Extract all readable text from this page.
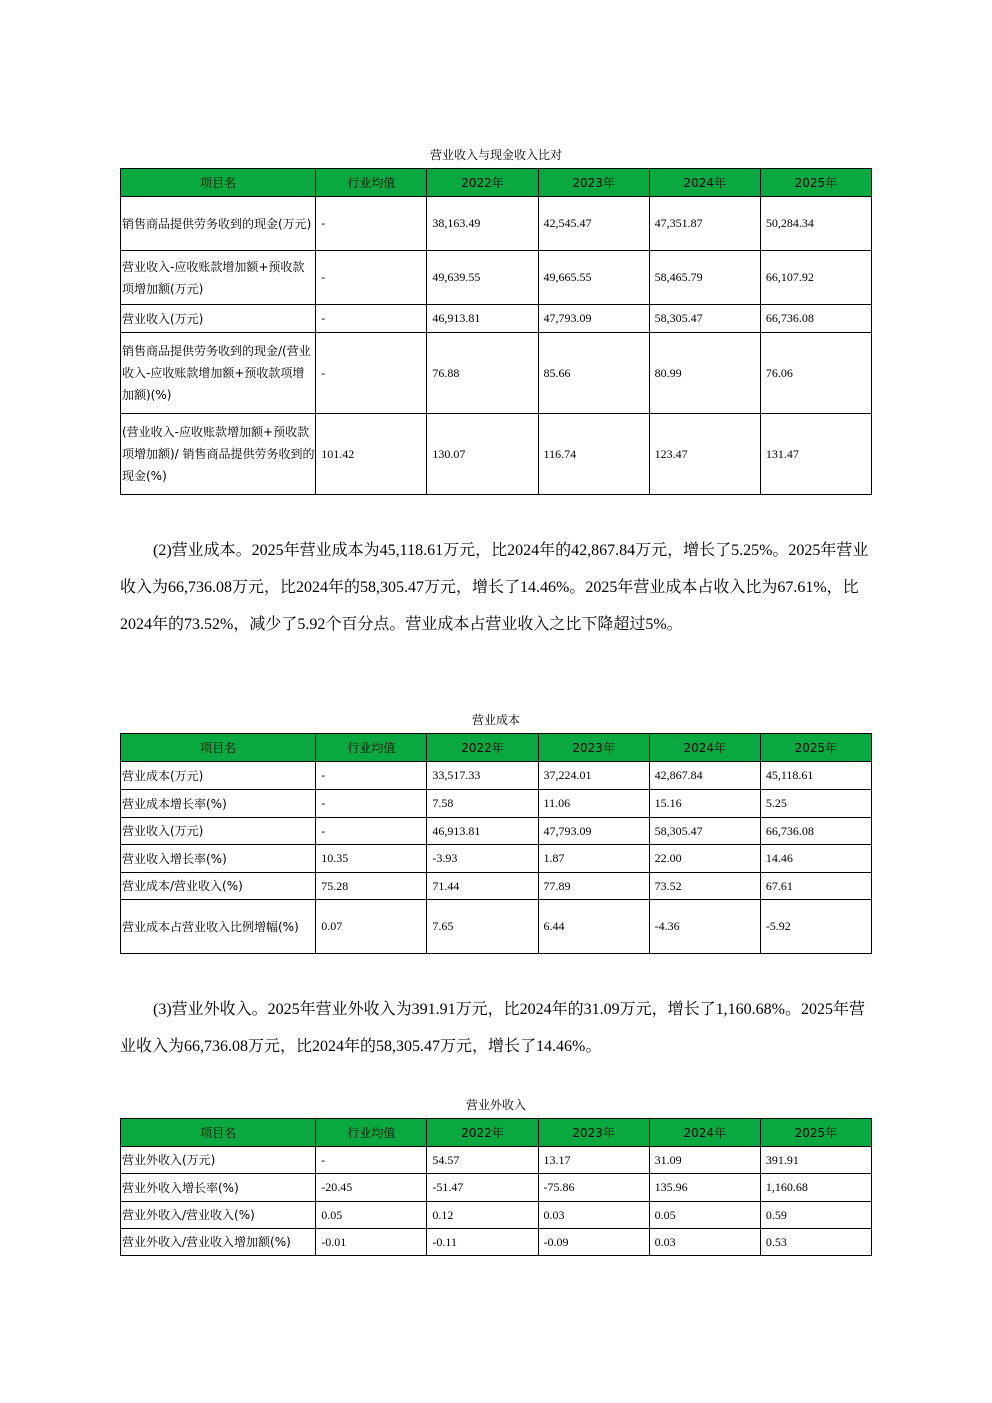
营业收入与现金收入比对
项目名	行业均值	2022年	2023年	2024年	2025年
销售商品提供劳务收到的现金(万元)	-	38,163.49	42,545.47	47,351.87	50,284.34
营业收入-应收账款增加额+预收款项增加额(万元)	-	49,639.55	49,665.55	58,465.79	66,107.92
营业收入(万元)	-	46,913.81	47,793.09	58,305.47	66,736.08
销售商品提供劳务收到的现金/(营业收入-应收账款增加额+预收款项增加额)(%)	-	76.88	85.66	80.99	76.06
(营业收入-应收账款增加额+预收款项增加额)/ 销售商品提供劳务收到的现金(%)	101.42	130.07	116.74	123.47	131.47

(2)营业成本。2025年营业成本为45,118.61万元，比2024年的42,867.84万元，增长了5.25%。2025年营业收入为66,736.08万元，比2024年的58,305.47万元，增长了14.46%。2025年营业成本占收入比为67.61%，比2024年的73.52%，减少了5.92个百分点。营业成本占营业收入之比下降超过5%。

营业成本
项目名	行业均值	2022年	2023年	2024年	2025年
营业成本(万元)	-	33,517.33	37,224.01	42,867.84	45,118.61
营业成本增长率(%)	-	7.58	11.06	15.16	5.25
营业收入(万元)	-	46,913.81	47,793.09	58,305.47	66,736.08
营业收入增长率(%)	10.35	-3.93	1.87	22.00	14.46
营业成本/营业收入(%)	75.28	71.44	77.89	73.52	67.61
营业成本占营业收入比例增幅(%)	0.07	7.65	6.44	-4.36	-5.92

(3)营业外收入。2025年营业外收入为391.91万元，比2024年的31.09万元，增长了1,160.68%。2025年营业收入为66,736.08万元，比2024年的58,305.47万元，增长了14.46%。

营业外收入
项目名	行业均值	2022年	2023年	2024年	2025年
营业外收入(万元)	-	54.57	13.17	31.09	391.91
营业外收入增长率(%)	-20.45	-51.47	-75.86	135.96	1,160.68
营业外收入/营业收入(%)	0.05	0.12	0.03	0.05	0.59
营业外收入/营业收入增加额(%)	-0.01	-0.11	-0.09	0.03	0.53
